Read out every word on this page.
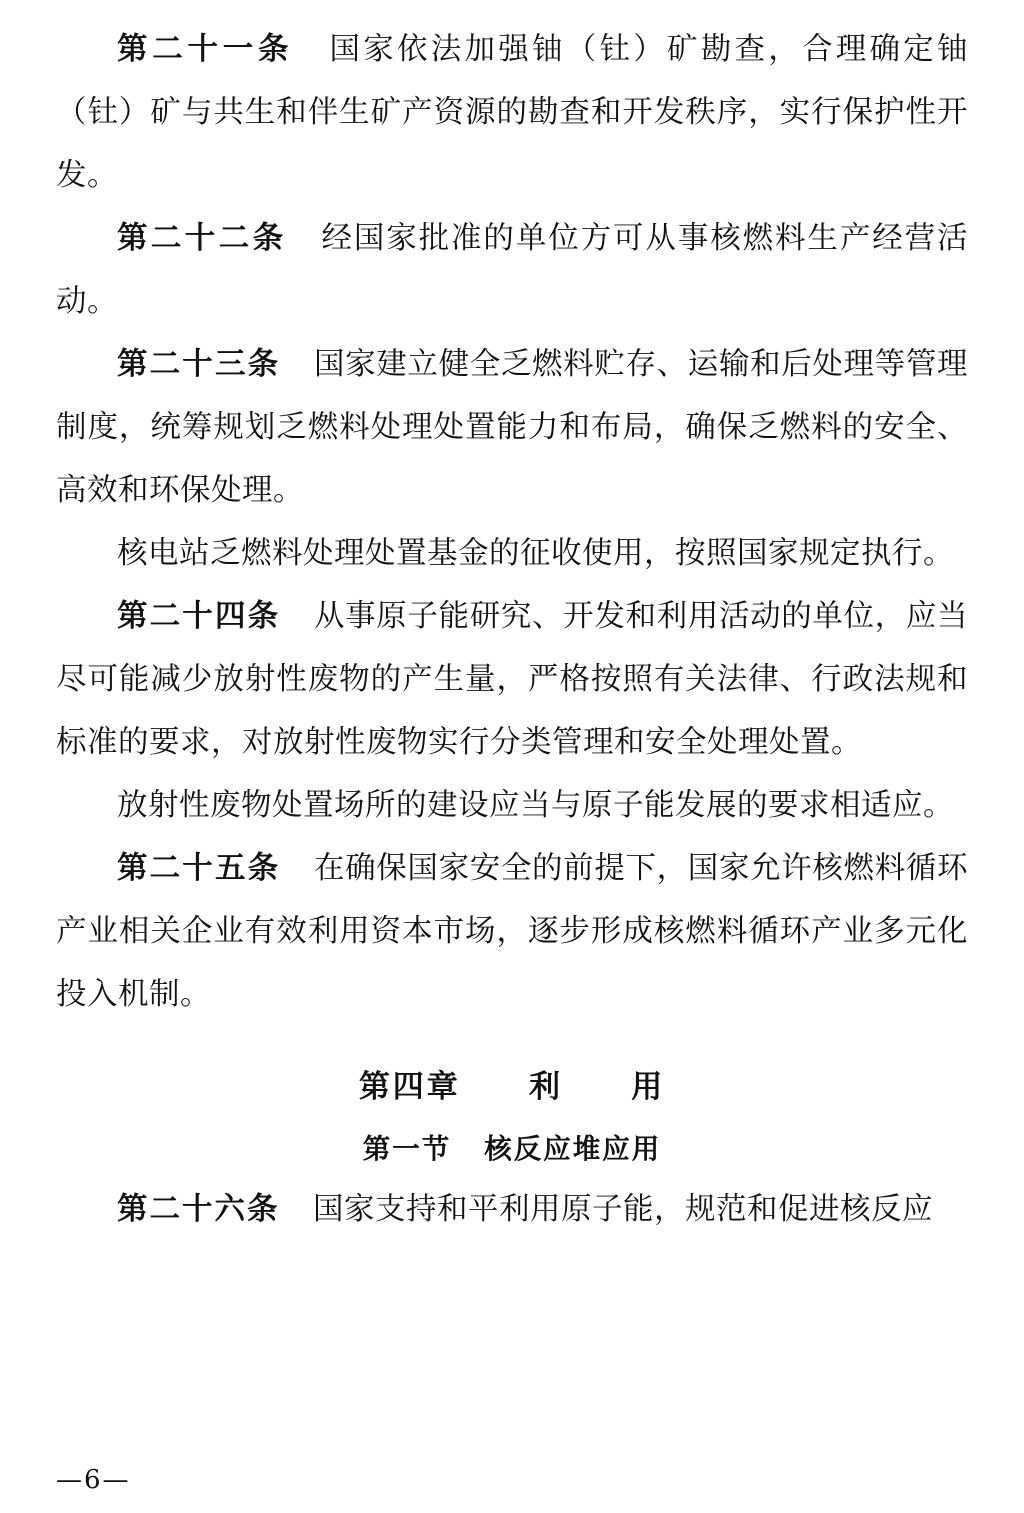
第二十一条 国家依法加强铀（钍）矿勘查，合理确定铀（钍）矿与共生和伴生矿产资源的勘查和开发秩序，实行保护性开发。

第二十二条 经国家批准的单位方可从事核燃料生产经营活动。

第二十三条 国家建立健全乏燃料贮存、运输和后处理等管理制度，统筹规划乏燃料处理处置能力和布局，确保乏燃料的安全、高效和环保处理。

核电站乏燃料处理处置基金的征收使用，按照国家规定执行。

第二十四条 从事原子能研究、开发和利用活动的单位，应当尽可能减少放射性废物的产生量，严格按照有关法律、行政法规和标准的要求，对放射性废物实行分类管理和安全处理处置。

放射性废物处置场所的建设应当与原子能发展的要求相适应。

第二十五条 在确保国家安全的前提下，国家允许核燃料循环产业相关企业有效利用资本市场，逐步形成核燃料循环产业多元化投入机制。

第四章 利 用
第一节 核反应堆应用

第二十六条 国家支持和平利用原子能，规范和促进核反应

—6—
